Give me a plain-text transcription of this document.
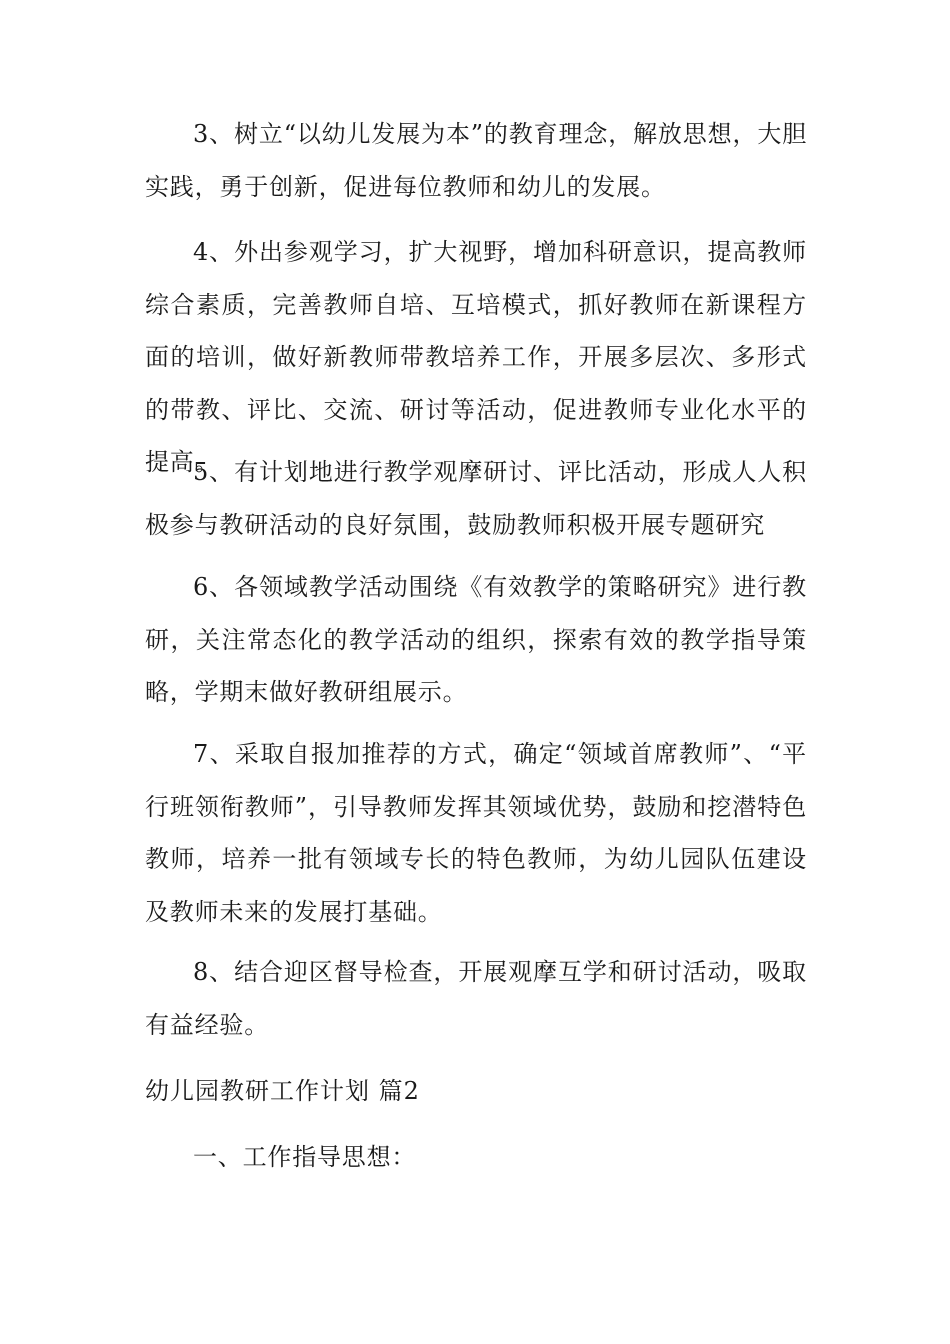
3、树立“以幼儿发展为本”的教育理念，解放思想，大胆实践，勇于创新，促进每位教师和幼儿的发展。

4、外出参观学习，扩大视野，增加科研意识，提高教师综合素质，完善教师自培、互培模式，抓好教师在新课程方面的培训，做好新教师带教培养工作，开展多层次、多形式的带教、评比、交流、研讨等活动，促进教师专业化水平的提高。

5、有计划地进行教学观摩研讨、评比活动，形成人人积极参与教研活动的良好氛围，鼓励教师积极开展专题研究

6、各领域教学活动围绕《有效教学的策略研究》进行教研，关注常态化的教学活动的组织，探索有效的教学指导策略，学期末做好教研组展示。

7、采取自报加推荐的方式，确定“领域首席教师”、“平行班领衔教师”，引导教师发挥其领域优势，鼓励和挖潜特色教师，培养一批有领域专长的特色教师，为幼儿园队伍建设及教师未来的发展打基础。

8、结合迎区督导检查，开展观摩互学和研讨活动，吸取有益经验。

幼儿园教研工作计划 篇2

一、工作指导思想：
